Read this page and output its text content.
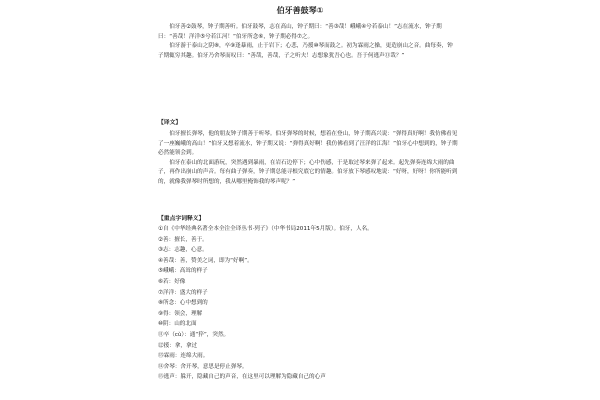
伯牙善鼓琴①

伯牙善②鼓琴，钟子期善听。伯牙鼓琴，志在高山，钟子期曰：“善③哉！峨峨④兮若泰山！”志在流水，钟子期曰：“善哉！洋洋⑤兮若江河！”伯牙所念⑥，钟子期必得⑦之。

伯牙游于泰山之阴⑧，卒⑨逢暴雨，止于岩下；心悲，乃援⑩琴而鼓之。初为霖雨之操，更造崩山之音。曲每奏，钟子期辄穷其趣。伯牙乃舍琴而叹曰：“善哉，善哉，子之听夫！志想象犹吾心也。吾于何逃声⑪哉？”

【译文】

伯牙擅长弹琴，他的朋友钟子期善于听琴。伯牙弹琴的时候，想着在登山，钟子期高兴说：“弹得真好啊！我仿佛看见了一座巍峨的高山！”伯牙又想着流水，钟子期又说：“弹得真好啊！我仿佛看到了汪洋的江海！”伯牙心中想到的，钟子期必然能领会到。

伯牙在泰山的北面游玩，突然遇到暴雨，在岩石边停下；心中伤感，于是取过琴来弹了起来。起先弹奏连绵大雨的曲子，再作出崩山的声音。每有曲子弹奏，钟子期总能寻根究底它的情趣。伯牙放下琴感叹地说：“好呀，好呀！你所能听到的，就像我弹琴时所想的，我从哪里掩饰我的琴声呢？”

【重点字词释义】
①自《中华经典名著全本全注全译丛书·列子》（中华书局2011年5月版）。伯牙，人名。
②善：擅长，善于。
③志：志趣，心意。
④善哉：善，赞美之词，即为“好啊”。
⑤峨峨：高耸的样子
⑥若：好像
⑦洋洋：盛大的样子
⑧所念：心中想到的
⑨得：领会，理解
⑩阴：山的北面
⑪卒（cù）：通“猝”，突然。
⑫援：拿，拿过
⑬霖雨：连绵大雨。
⑭舍琴：舍开琴，意思是停止弹琴。
⑮逃声：躲开，隐藏自己的声音，在这里可以理解为隐藏自己的心声
